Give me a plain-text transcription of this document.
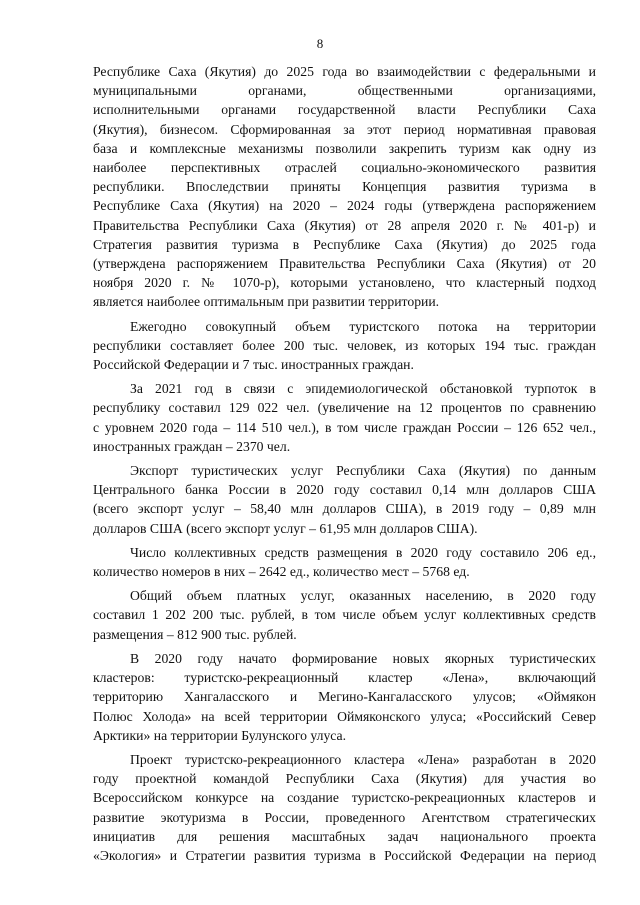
8

Республике Саха (Якутия) до 2025 года во взаимодействии с федеральными и
муниципальными органами, общественными организациями,
исполнительными органами государственной власти Республики Саха
(Якутия), бизнесом. Сформированная за этот период нормативная правовая
база и комплексные механизмы позволили закрепить туризм как одну из
наиболее перспективных отраслей социально-экономического развития
республики. Впоследствии приняты Концепция развития туризма в
Республике Саха (Якутия) на 2020 – 2024 годы (утверждена распоряжением
Правительства Республики Саха (Якутия) от 28 апреля 2020 г. № 401-р) и
Стратегия развития туризма в Республике Саха (Якутия) до 2025 года
(утверждена распоряжением Правительства Республики Саха (Якутия) от 20
ноября 2020 г. № 1070-р), которыми установлено, что кластерный подход
является наиболее оптимальным при развитии территории.

Ежегодно совокупный объем туристского потока на территории
республики составляет более 200 тыс. человек, из которых 194 тыс. граждан
Российской Федерации и 7 тыс. иностранных граждан.

За 2021 год в связи с эпидемиологической обстановкой турпоток в
республику составил 129 022 чел. (увеличение на 12 процентов по сравнению
с уровнем 2020 года – 114 510 чел.), в том числе граждан России – 126 652 чел.,
иностранных граждан – 2370 чел.

Экспорт туристических услуг Республики Саха (Якутия) по данным
Центрального банка России в 2020 году составил 0,14 млн долларов США
(всего экспорт услуг – 58,40 млн долларов США), в 2019 году – 0,89 млн
долларов США (всего экспорт услуг – 61,95 млн долларов США).

Число коллективных средств размещения в 2020 году составило 206 ед.,
количество номеров в них – 2642 ед., количество мест – 5768 ед.

Общий объем платных услуг, оказанных населению, в 2020 году
составил 1 202 200 тыс. рублей, в том числе объем услуг коллективных средств
размещения – 812 900 тыс. рублей.

В 2020 году начато формирование новых якорных туристических
кластеров: туристско-рекреационный кластер «Лена», включающий
территорию Хангаласского и Мегино-Кангаласского улусов; «Оймякон
Полюс Холода» на всей территории Оймяконского улуса; «Российский Север
Арктики» на территории Булунского улуса.

Проект туристско-рекреационного кластера «Лена» разработан в 2020
году проектной командой Республики Саха (Якутия) для участия во
Всероссийском конкурсе на создание туристско-рекреационных кластеров и
развитие экотуризма в России, проведенного Агентством стратегических
инициатив для решения масштабных задач национального проекта
«Экология» и Стратегии развития туризма в Российской Федерации на период
